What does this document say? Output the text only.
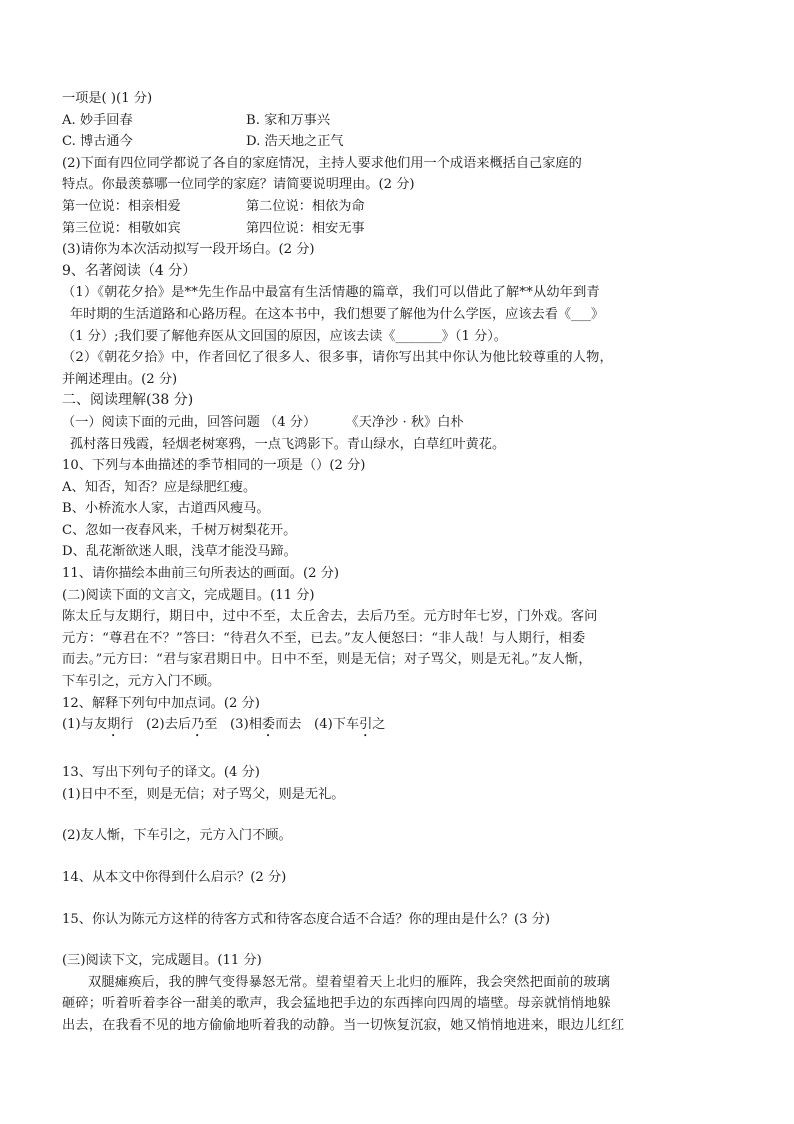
一项是( )(1 分)
A. 妙手回春	B. 家和万事兴
C. 博古通今	D. 浩天地之正气
(2)下面有四位同学都说了各自的家庭情况，主持人要求他们用一个成语来概括自己家庭的
特点。你最羡慕哪一位同学的家庭？请简要说明理由。(2 分)
第一位说：相亲相爱	第二位说：相依为命
第三位说：相敬如宾	第四位说：相安无事
(3)请你为本次活动拟写一段开场白。(2 分)
9、名著阅读（4 分）
（1）《朝花夕拾》是**先生作品中最富有生活情趣的篇章，我们可以借此了解**从幼年到青
年时期的生活道路和心路历程。在这本书中，我们想要了解他为什么学医，应该去看《___》
（1 分）;我们要了解他弃医从文回国的原因，应该去读《_______》（1 分）。
（2）《朝花夕拾》中，作者回忆了很多人、很多事，请你写出其中你认为他比较尊重的人物，
并阐述理由。(2 分)
二、阅读理解(38 分)
（一）阅读下面的元曲，回答问题 （4 分） 《天净沙 · 秋》白朴
孤村落日残霞，轻烟老树寒鸦，一点飞鸿影下。青山绿水，白草红叶黄花。
10、下列与本曲描述的季节相同的一项是（）(2 分)
A、知否，知否？应是绿肥红瘦。
B、小桥流水人家，古道西风瘦马。
C、忽如一夜春风来，千树万树梨花开。
D、乱花渐欲迷人眼，浅草才能没马蹄。
11、请你描绘本曲前三句所表达的画面。(2 分)
(二)阅读下面的文言文，完成题目。(11 分)
陈太丘与友期行，期日中，过中不至，太丘舍去，去后乃至。元方时年七岁，门外戏。客问
元方：“尊君在不？”答曰：“待君久不至，已去。”友人便怒曰：“非人哉！与人期行，相委
而去。”元方曰：“君与家君期日中。日中不至，则是无信；对子骂父，则是无礼。”友人惭，
下车引之，元方入门不顾。
12、解释下列句中加点词。(2 分)
(1)与友期行 (2)去后乃至 (3)相委而去 (4)下车引之
13、写出下列句子的译文。(4 分)
(1)日中不至，则是无信；对子骂父，则是无礼。
(2)友人惭，下车引之，元方入门不顾。
14、从本文中你得到什么启示？(2 分)
15、你认为陈元方这样的待客方式和待客态度合适不合适？你的理由是什么？(3 分)
(三)阅读下文，完成题目。(11 分)
双腿瘫痪后，我的脾气变得暴怒无常。望着望着天上北归的雁阵，我会突然把面前的玻璃
砸碎；听着听着李谷一甜美的歌声，我会猛地把手边的东西摔向四周的墙壁。母亲就悄悄地躲
出去，在我看不见的地方偷偷地听着我的动静。当一切恢复沉寂，她又悄悄地进来，眼边儿红红
